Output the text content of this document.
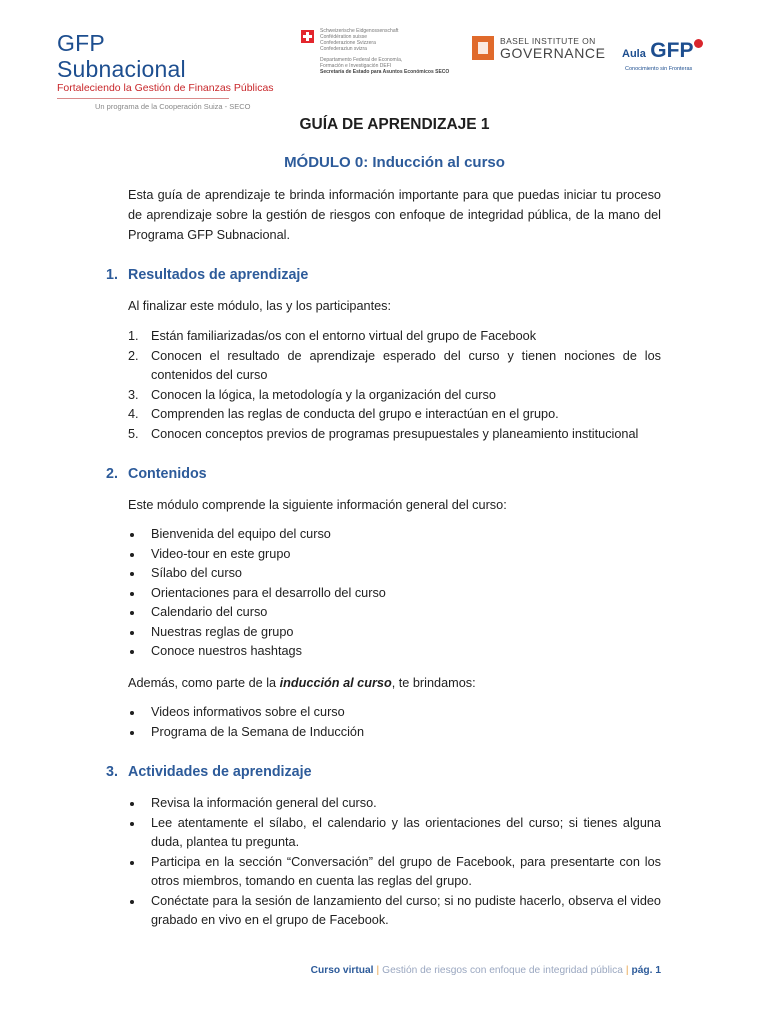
GFP Subnacional
Fortaleciendo la Gestión de Finanzas Públicas
Un programa de la Cooperación Suiza - SECO
Schweizerische Eidgenossenschaft
Confédération suisse
Confederazione Svizzera
Confederaziun svizra
Departamento Federal de Economía,
Formación e Investigación DEFI
Secretaría de Estado para Asuntos Económicos SECO
BASEL INSTITUTE ON
GOVERNANCE Aula GFP
Conocimiento sin Fronteras
GUÍA DE APRENDIZAJE 1
MÓDULO 0: Inducción al curso

Esta guía de aprendizaje te brinda información importante para que puedas iniciar tu proceso de aprendizaje sobre la gestión de riesgos con enfoque de integridad pública, de la mano del Programa GFP Subnacional.

1. Resultados de aprendizaje

Al finalizar este módulo, las y los participantes:

1. Están familiarizadas/os con el entorno virtual del grupo de Facebook
2. Conocen el resultado de aprendizaje esperado del curso y tienen nociones de los contenidos del curso
3. Conocen la lógica, la metodología y la organización del curso
4. Comprenden las reglas de conducta del grupo e interactúan en el grupo.
5. Conocen conceptos previos de programas presupuestales y planeamiento institucional
2. Contenidos

Este módulo comprende la siguiente información general del curso:

Bienvenida del equipo del curso
Video-tour en este grupo
Sílabo del curso
Orientaciones para el desarrollo del curso
Calendario del curso
Nuestras reglas de grupo
Conoce nuestros hashtags

Además, como parte de la inducción al curso, te brindamos:

Videos informativos sobre el curso
Programa de la Semana de Inducción
3. Actividades de aprendizaje
Revisa la información general del curso.
Lee atentamente el sílabo, el calendario y las orientaciones del curso; si tienes alguna duda, plantea tu pregunta.
Participa en la sección “Conversación” del grupo de Facebook, para presentarte con los otros miembros, tomando en cuenta las reglas del grupo.
Conéctate para la sesión de lanzamiento del curso; si no pudiste hacerlo, observa el video grabado en vivo en el grupo de Facebook.
Curso virtual | Gestión de riesgos con enfoque de integridad pública | pág. 1
